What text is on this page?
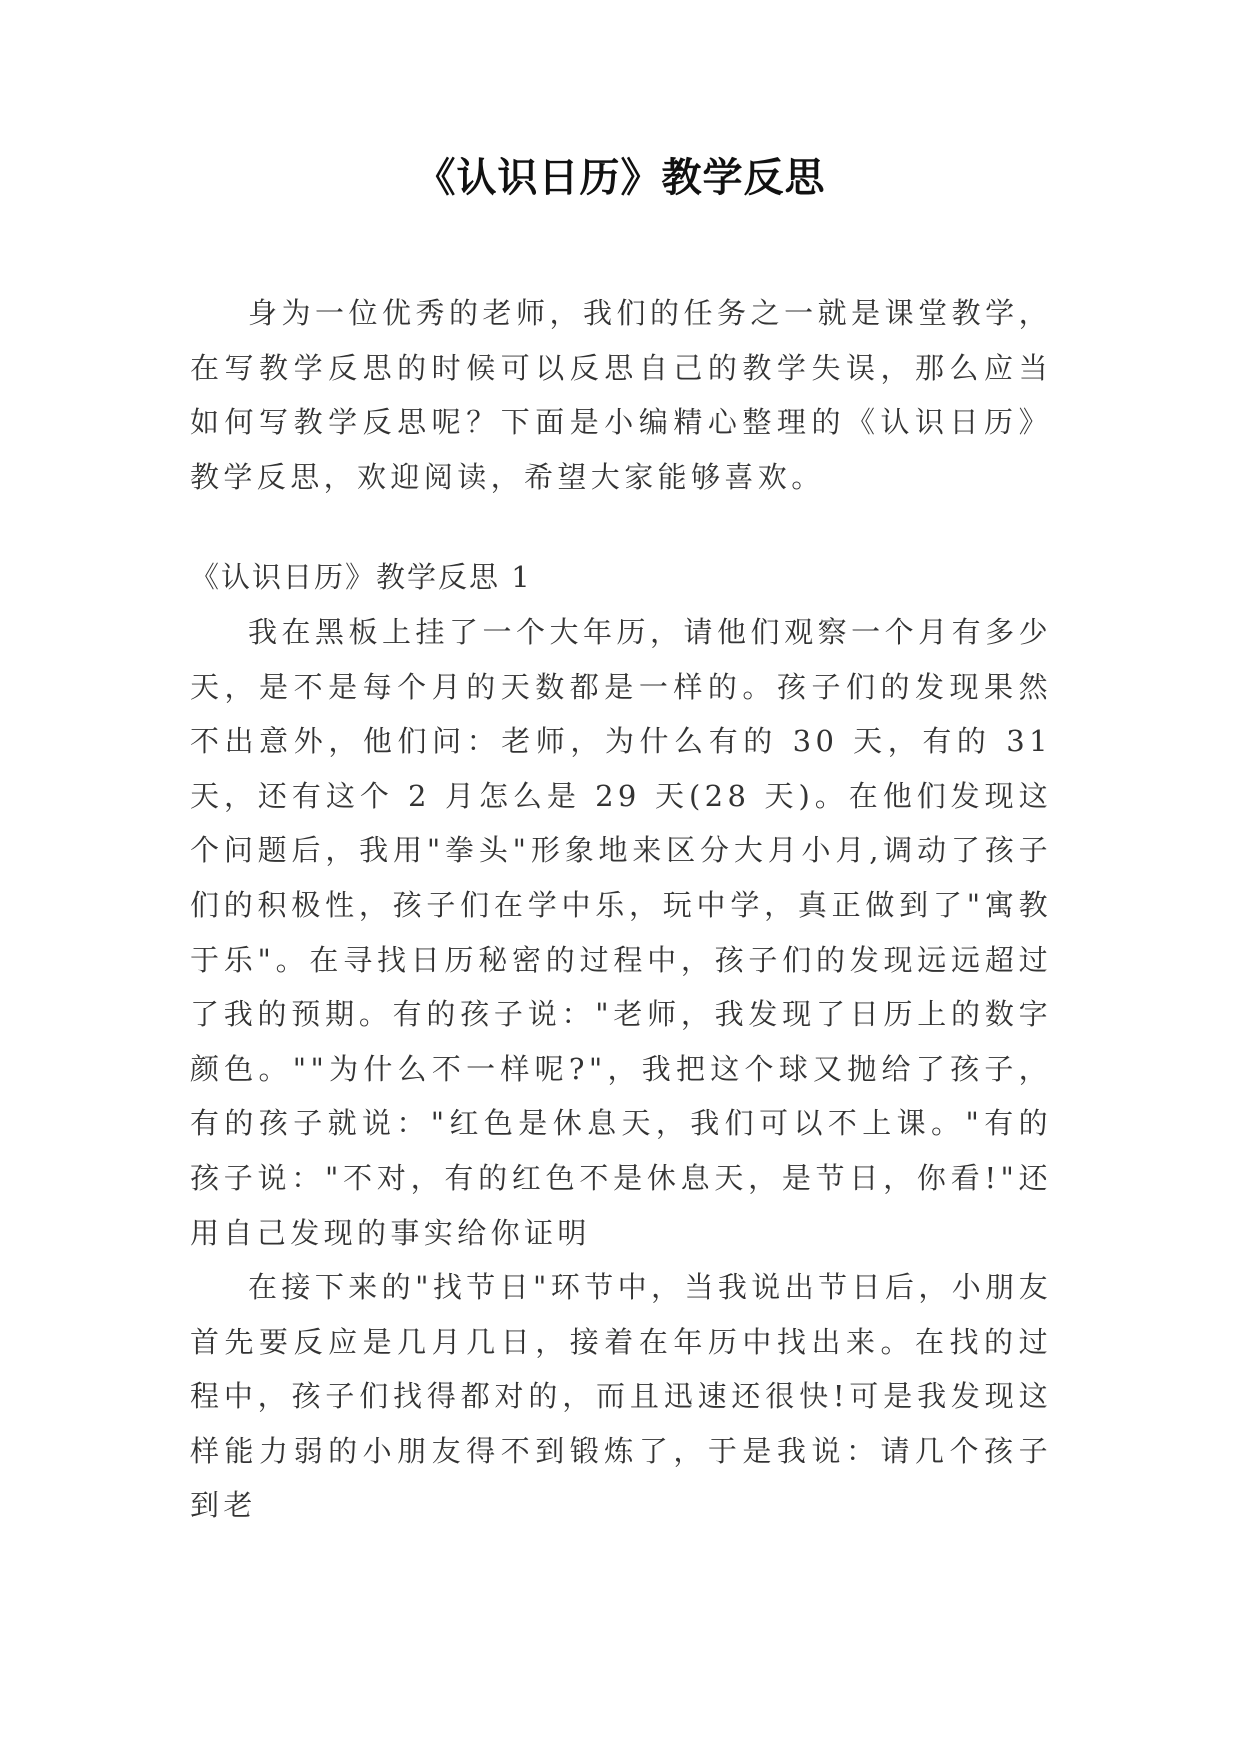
《认识日历》教学反思

身为一位优秀的老师，我们的任务之一就是课堂教学，在写教学反思的时候可以反思自己的教学失误，那么应当如何写教学反思呢？下面是小编精心整理的《认识日历》教学反思，欢迎阅读，希望大家能够喜欢。

《认识日历》教学反思 1

我在黑板上挂了一个大年历，请他们观察一个月有多少天，是不是每个月的天数都是一样的。孩子们的发现果然不出意外，他们问：老师，为什么有的 30 天，有的 31 天，还有这个 2 月怎么是 29 天(28 天)。在他们发现这个问题后，我用"拳头"形象地来区分大月小月,调动了孩子们的积极性，孩子们在学中乐，玩中学，真正做到了"寓教于乐"。在寻找日历秘密的过程中，孩子们的发现远远超过了我的预期。有的孩子说："老师，我发现了日历上的数字颜色。""为什么不一样呢?"，我把这个球又抛给了孩子，有的孩子就说："红色是休息天，我们可以不上课。"有的孩子说："不对，有的红色不是休息天，是节日，你看!"还用自己发现的事实给你证明

在接下来的"找节日"环节中，当我说出节日后，小朋友首先要反应是几月几日，接着在年历中找出来。在找的过程中，孩子们找得都对的，而且迅速还很快!可是我发现这样能力弱的小朋友得不到锻炼了，于是我说：请几个孩子到老
